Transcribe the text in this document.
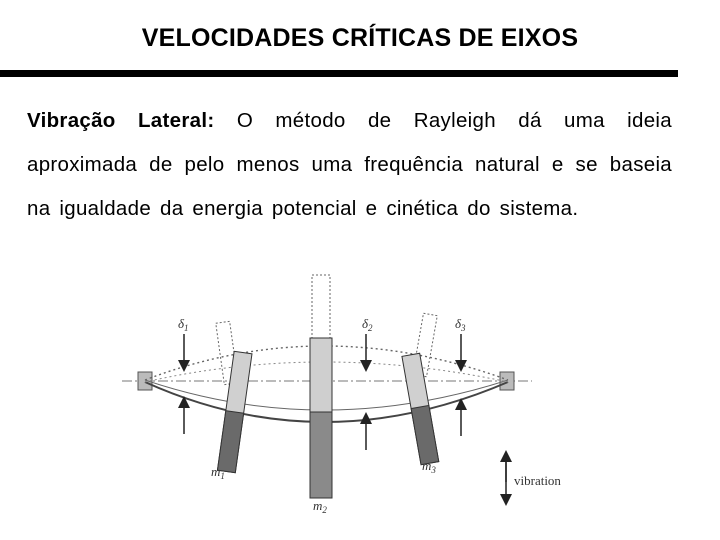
VELOCIDADES CRÍTICAS DE EIXOS
Vibração Lateral: O método de Rayleigh dá uma ideia aproximada de pelo menos uma frequência natural e se baseia na igualdade da energia potencial e cinética do sistema.
$\delta_1$	$\delta_2$	$\delta_3$
$m_1$
$m_2$
$m_3$
vibration
